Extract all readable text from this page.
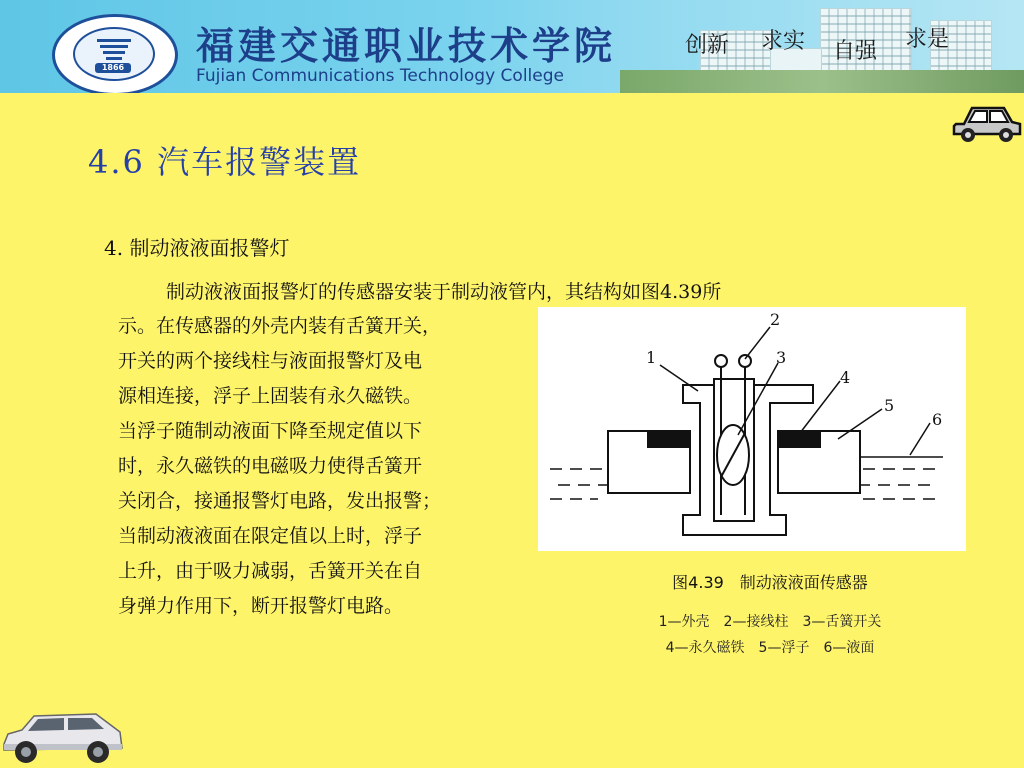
1866 福建交通职业技术学院
Fujian Communications Technology College
创新 求实 自强 求是
4.6 汽车报警装置
4. 制动液液面报警灯
制动液液面报警灯的传感器安装于制动液管内，其结构如图4.39所
示。在传感器的外壳内装有舌簧开关，
开关的两个接线柱与液面报警灯及电
源相连接，浮子上固装有永久磁铁。
当浮子随制动液面下降至规定值以下
时，永久磁铁的电磁吸力使得舌簧开
关闭合，接通报警灯电路，发出报警；
当制动液液面在限定值以上时，浮子
上升，由于吸力减弱，舌簧开关在自
身弹力作用下，断开报警灯电路。
1
2
3
4
5
6
图4.39　制动液液面传感器
1—外壳　2—接线柱　3—舌簧开关
4—永久磁铁　5—浮子　6—液面
